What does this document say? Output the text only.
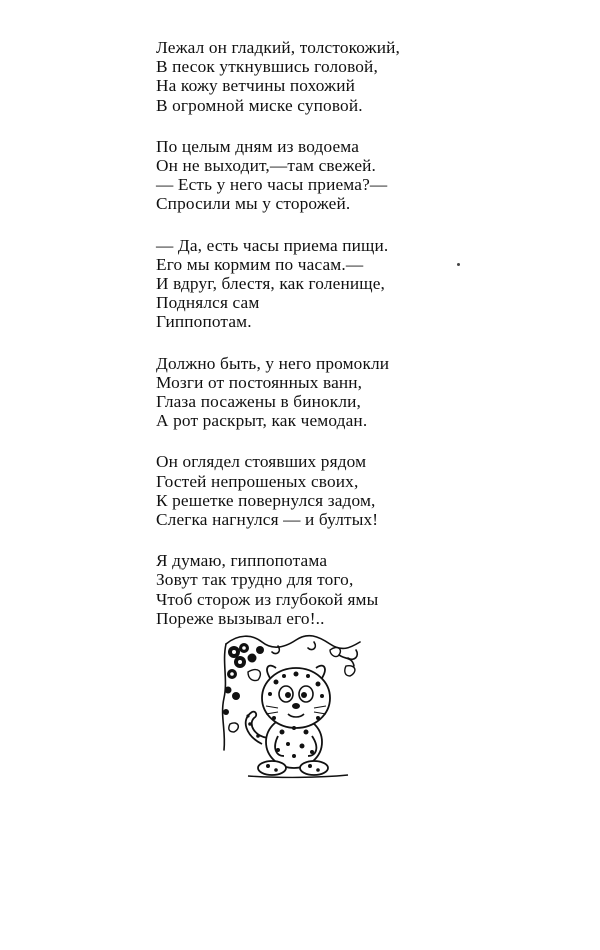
Лежал он гладкий, толстокожий,
В песок уткнувшись головой,
На кожу ветчины похожий
В огромной миске суповой.
По целым дням из водоема
Он не выходит,—там свежей.
— Есть у него часы приема?—
Спросили мы у сторожей.
— Да, есть часы приема пищи.
Его мы кормим по часам.—
И вдруг, блестя, как голенище,
Поднялся сам
Гиппопотам.
Должно быть, у него промокли
Мозги от постоянных ванн,
Глаза посажены в бинокли,
А рот раскрыт, как чемодан.
Он оглядел стоявших рядом
Гостей непрошеных своих,
К решетке повернулся задом,
Слегка нагнулся — и бултых!
Я думаю, гиппопотама
Зовут так трудно для того,
Чтоб сторож из глубокой ямы
Пореже вызывал его!..
